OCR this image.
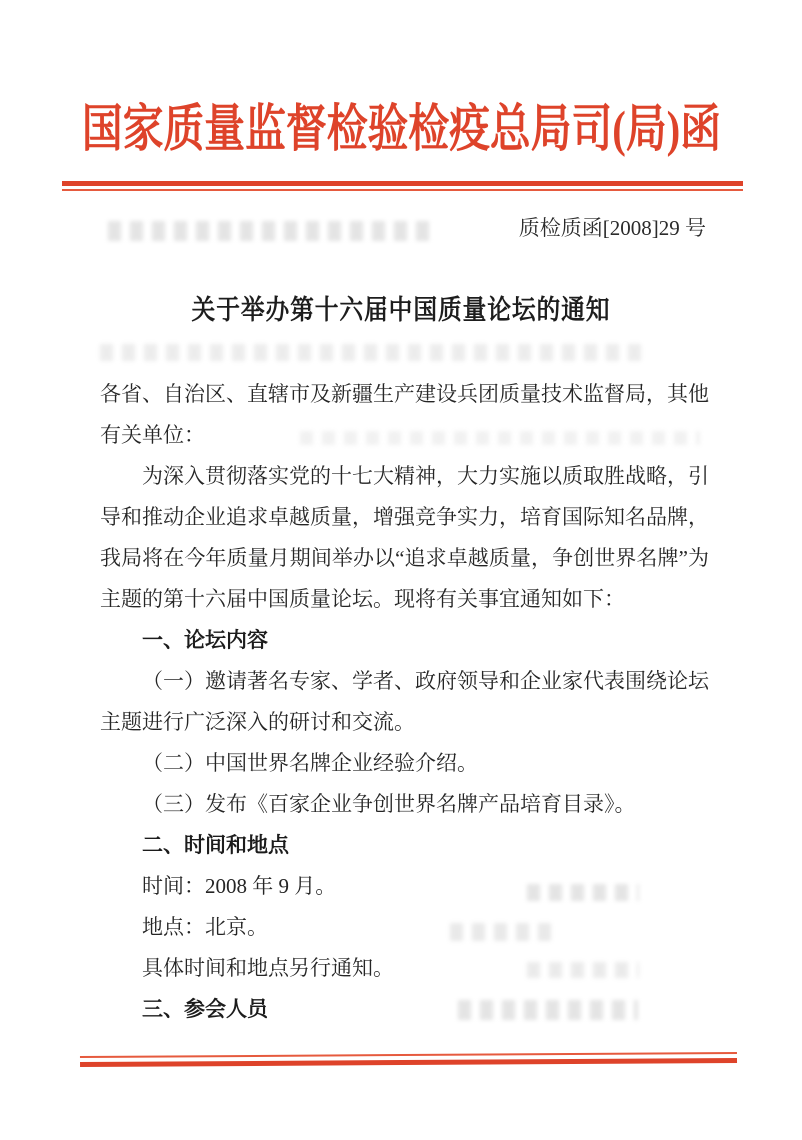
国家质量监督检验检疫总局司(局)函
质检质函[2008]29 号
关于举办第十六届中国质量论坛的通知

各省、自治区、直辖市及新疆生产建设兵团质量技术监督局，其他有关单位：

为深入贯彻落实党的十七大精神，大力实施以质取胜战略，引导和推动企业追求卓越质量，增强竞争实力，培育国际知名品牌，我局将在今年质量月期间举办以“追求卓越质量，争创世界名牌”为主题的第十六届中国质量论坛。现将有关事宜通知如下：

一、论坛内容

（一）邀请著名专家、学者、政府领导和企业家代表围绕论坛主题进行广泛深入的研讨和交流。

（二）中国世界名牌企业经验介绍。

（三）发布《百家企业争创世界名牌产品培育目录》。

二、时间和地点

时间：2008 年 9 月。

地点：北京。

具体时间和地点另行通知。

三、参会人员
